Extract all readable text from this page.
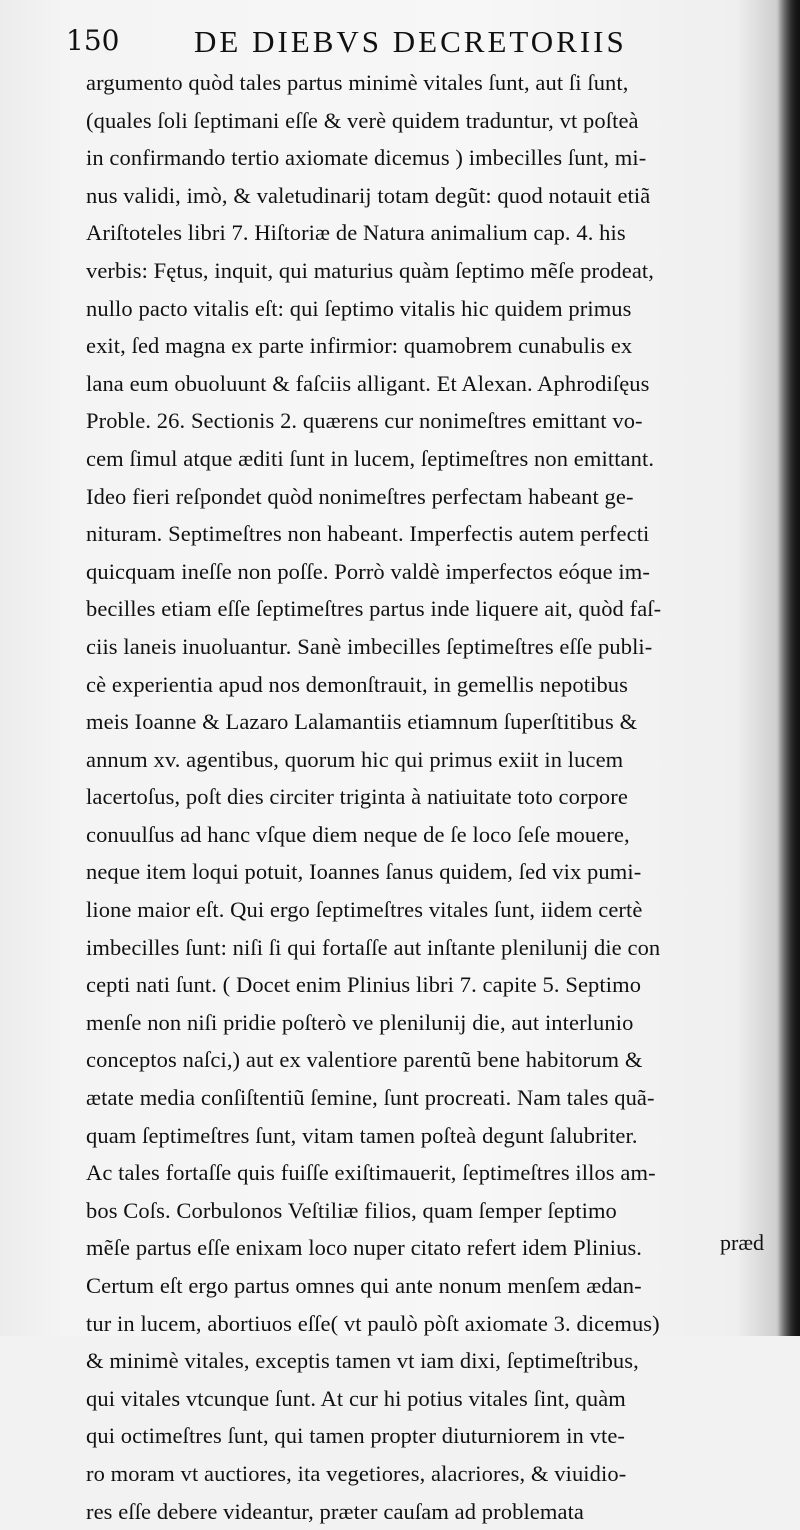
150 DE DIEBVS DECRETORIIS
argumento quòd tales partus minimè vitales ſunt, aut ſi ſunt,
(quales ſoli ſeptimani eſſe & verè quidem traduntur, vt poſteà
in confirmando tertio axiomate dicemus ) imbecilles ſunt, mi-
nus validi, imò, & valetudinarij totam degũt: quod notauit etiã
Ariſtoteles libri 7. Hiſtoriæ de Natura animalium cap. 4. his
verbis: Fętus, inquit, qui maturius quàm ſeptimo mẽſe prodeat,
nullo pacto vitalis eſt: qui ſeptimo vitalis hic quidem primus
exit, ſed magna ex parte infirmior: quamobrem cunabulis ex
lana eum obuoluunt & faſciis alligant. Et Alexan. Aphrodiſęus
Proble. 26. Sectionis 2. quærens cur nonimeſtres emittant vo-
cem ſimul atque æditi ſunt in lucem, ſeptimeſtres non emittant.
Ideo fieri reſpondet quòd nonimeſtres perfectam habeant ge-
nituram. Septimeſtres non habeant. Imperfectis autem perfecti
quicquam ineſſe non poſſe. Porrò valdè imperfectos eóque im-
becilles etiam eſſe ſeptimeſtres partus inde liquere ait, quòd faſ-
ciis laneis inuoluantur. Sanè imbecilles ſeptimeſtres eſſe publi-
cè experientia apud nos demonſtrauit, in gemellis nepotibus
meis Ioanne & Lazaro Lalamantiis etiamnum ſuperſtitibus &
annum xv. agentibus, quorum hic qui primus exiit in lucem
lacertoſus, poſt dies circiter triginta à natiuitate toto corpore
conuulſus ad hanc vſque diem neque de ſe loco ſeſe mouere,
neque item loqui potuit, Ioannes ſanus quidem, ſed vix pumi-
lione maior eſt. Qui ergo ſeptimeſtres vitales ſunt, iidem certè
imbecilles ſunt: niſi ſi qui fortaſſe aut inſtante plenilunij die con
cepti nati ſunt. ( Docet enim Plinius libri 7. capite 5. Septimo
menſe non niſi pridie poſterò ve plenilunij die, aut interlunio
conceptos naſci,) aut ex valentiore parentũ bene habitorum &
ætate media conſiſtentiũ ſemine, ſunt procreati. Nam tales quã-
quam ſeptimeſtres ſunt, vitam tamen poſteà degunt ſalubriter.
Ac tales fortaſſe quis fuiſſe exiſtimauerit, ſeptimeſtres illos am-
bos Coſs. Corbulonos Veſtiliæ filios, quam ſemper ſeptimo
mẽſe partus eſſe enixam loco nuper citato refert idem Plinius.
Certum eſt ergo partus omnes qui ante nonum menſem ædan-
tur in lucem, abortiuos eſſe( vt paulò pòſt axiomate 3. dicemus)
& minimè vitales, exceptis tamen vt iam dixi, ſeptimeſtribus,
qui vitales vtcunque ſunt. At cur hi potius vitales ſint, quàm
qui octimeſtres ſunt, qui tamen propter diuturniorem in vte-
ro moram vt auctiores, ita vegetiores, alacriores, & viuidio-
res eſſe debere videantur, præter cauſam ad problemata
præd
